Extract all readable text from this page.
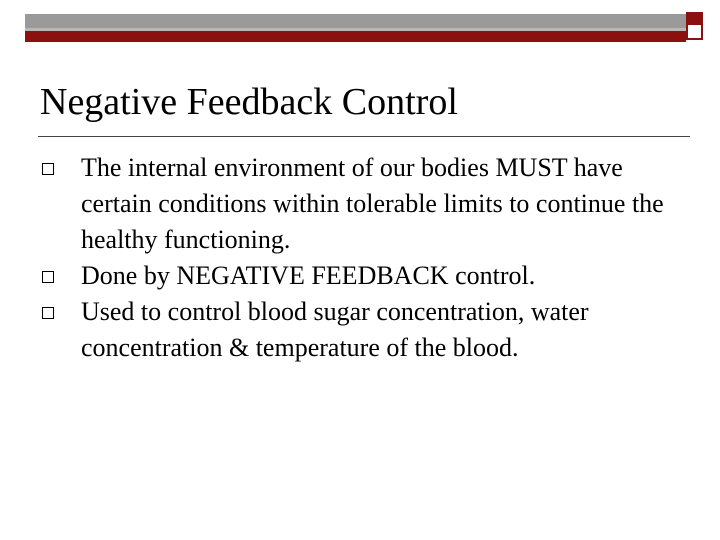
Negative Feedback Control
The internal environment of our bodies MUST have certain conditions within tolerable limits to continue the healthy functioning.
Done by NEGATIVE FEEDBACK control.
Used to control blood sugar concentration, water concentration & temperature of the blood.
